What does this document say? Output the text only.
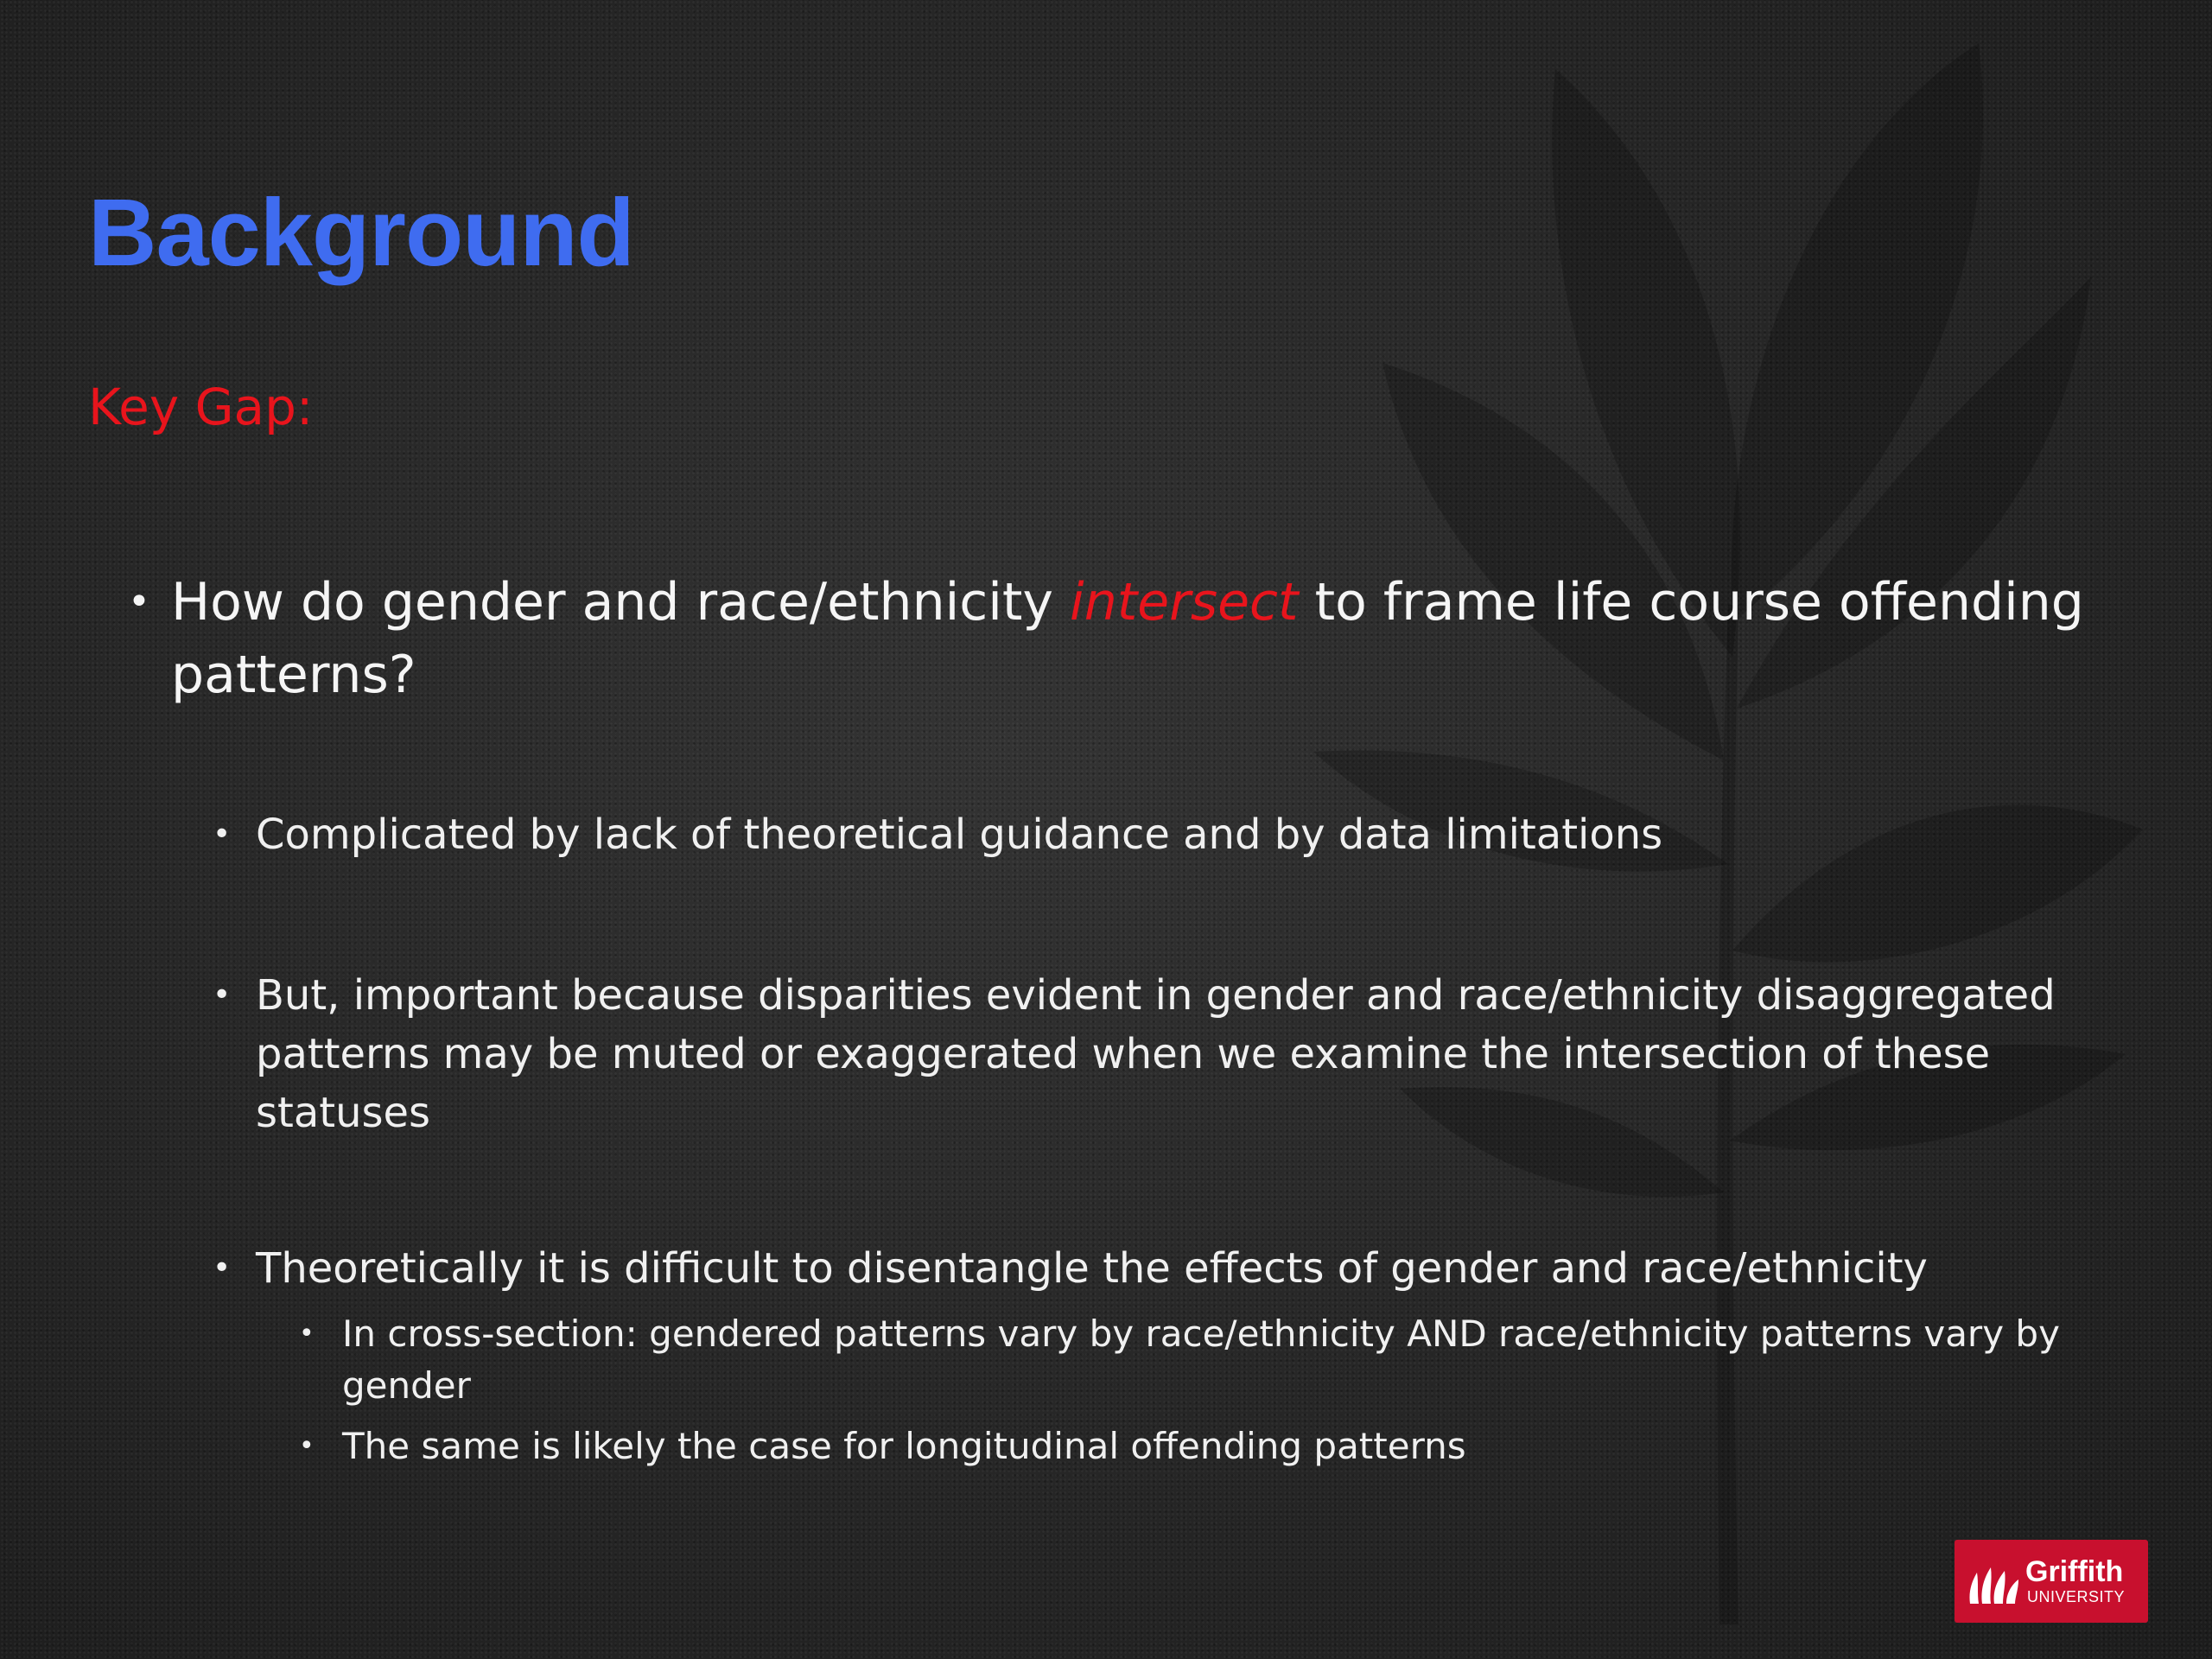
Background
Key Gap:
• How do gender and race/ethnicity intersect to frame life course offending patterns?
• Complicated by lack of theoretical guidance and by data limitations
• But, important because disparities evident in gender and race/ethnicity disaggregated patterns may be muted or exaggerated when we examine the intersection of these statuses
• Theoretically it is difficult to disentangle the effects of gender and race/ethnicity
• In cross-section: gendered patterns vary by race/ethnicity AND race/ethnicity patterns vary by gender
• The same is likely the case for longitudinal offending patterns
Griffith
UNIVERSITY
